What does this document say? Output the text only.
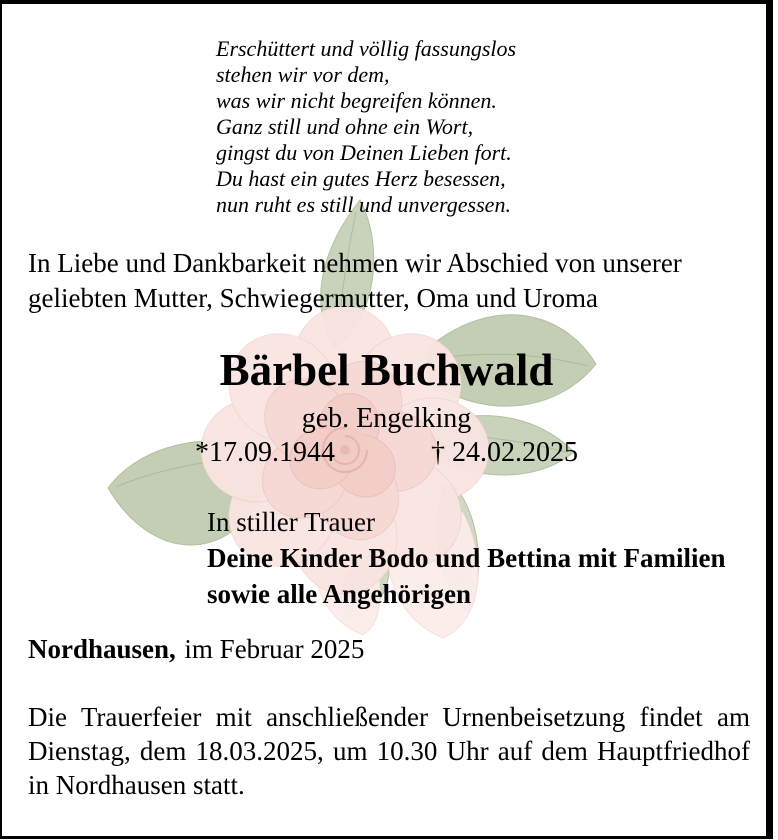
Erschüttert und völlig fassungslos
stehen wir vor dem,
was wir nicht begreifen können.
Ganz still und ohne ein Wort,
gingst du von Deinen Lieben fort.
Du hast ein gutes Herz besessen,
nun ruht es still und unvergessen.
In Liebe und Dankbarkeit nehmen wir Abschied von unserer
geliebten Mutter, Schwiegermutter, Oma und Uroma
Bärbel Buchwald
geb. Engelking
*17.09.1944	† 24.02.2025
In stiller Trauer
Deine Kinder Bodo und Bettina mit Familien
sowie alle Angehörigen
Nordhausen, im Februar 2025
Die Trauerfeier mit anschließender Urnenbeisetzung findet am Dienstag, dem 18.03.2025, um 10.30 Uhr auf dem Hauptfriedhof in Nordhausen statt.
